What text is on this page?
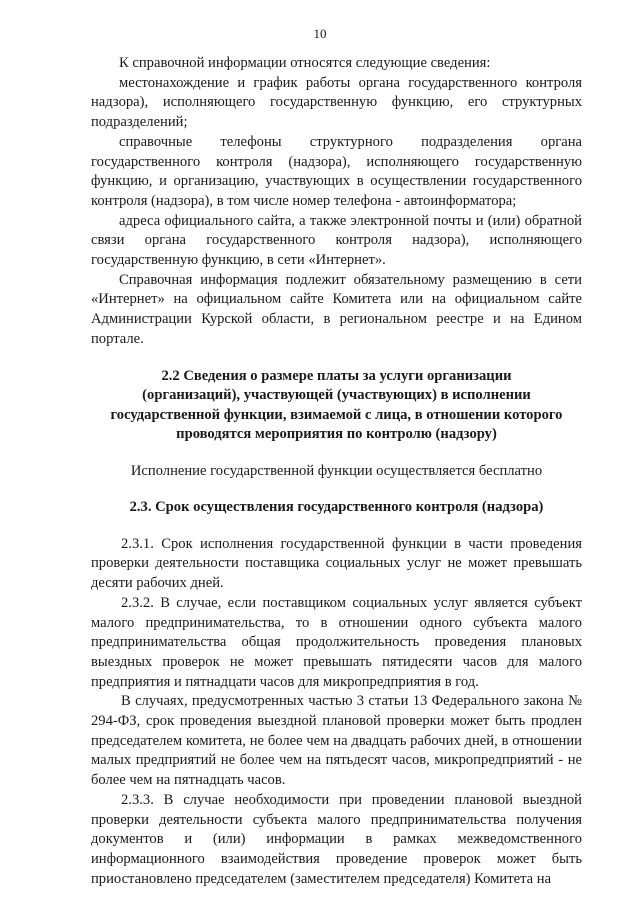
10

К справочной информации относятся следующие сведения:

местонахождение и график работы органа государственного контроля надзора), исполняющего государственную функцию, его структурных подразделений;

справочные телефоны структурного подразделения органа государственного контроля (надзора), исполняющего государственную функцию, и организацию, участвующих в осуществлении государственного контроля (надзора), в том числе номер телефона - автоинформатора;

адреса официального сайта, а также электронной почты и (или) обратной связи органа государственного контроля надзора), исполняющего государственную функцию, в сети «Интернет».

Справочная информация подлежит обязательному размещению в сети «Интернет» на официальном сайте Комитета или на официальном сайте Администрации Курской области, в региональном реестре и на Едином портале.

2.2 Сведения о размере платы за услуги организации
(организаций), участвующей (участвующих) в исполнении
государственной функции, взимаемой с лица, в отношении которого
проводятся мероприятия по контролю (надзору)

Исполнение государственной функции осуществляется бесплатно

2.3. Срок осуществления государственного контроля (надзора)

2.3.1. Срок исполнения государственной функции в части проведения проверки деятельности поставщика социальных услуг не может превышать десяти рабочих дней.

2.3.2. В случае, если поставщиком социальных услуг является субъект малого предпринимательства, то в отношении одного субъекта малого предпринимательства общая продолжительность проведения плановых выездных проверок не может превышать пятидесяти часов для малого предприятия и пятнадцати часов для микропредприятия в год.

В случаях, предусмотренных частью 3 статьи 13 Федерального закона № 294-ФЗ, срок проведения выездной плановой проверки может быть продлен председателем комитета, не более чем на двадцать рабочих дней, в отношении малых предприятий не более чем на пятьдесят часов, микропредприятий - не более чем на пятнадцать часов.

2.3.3. В случае необходимости при проведении плановой выездной проверки деятельности субъекта малого предпринимательства получения документов и (или) информации в рамках межведомственного информационного взаимодействия проведение проверок может быть приостановлено председателем (заместителем председателя) Комитета на
